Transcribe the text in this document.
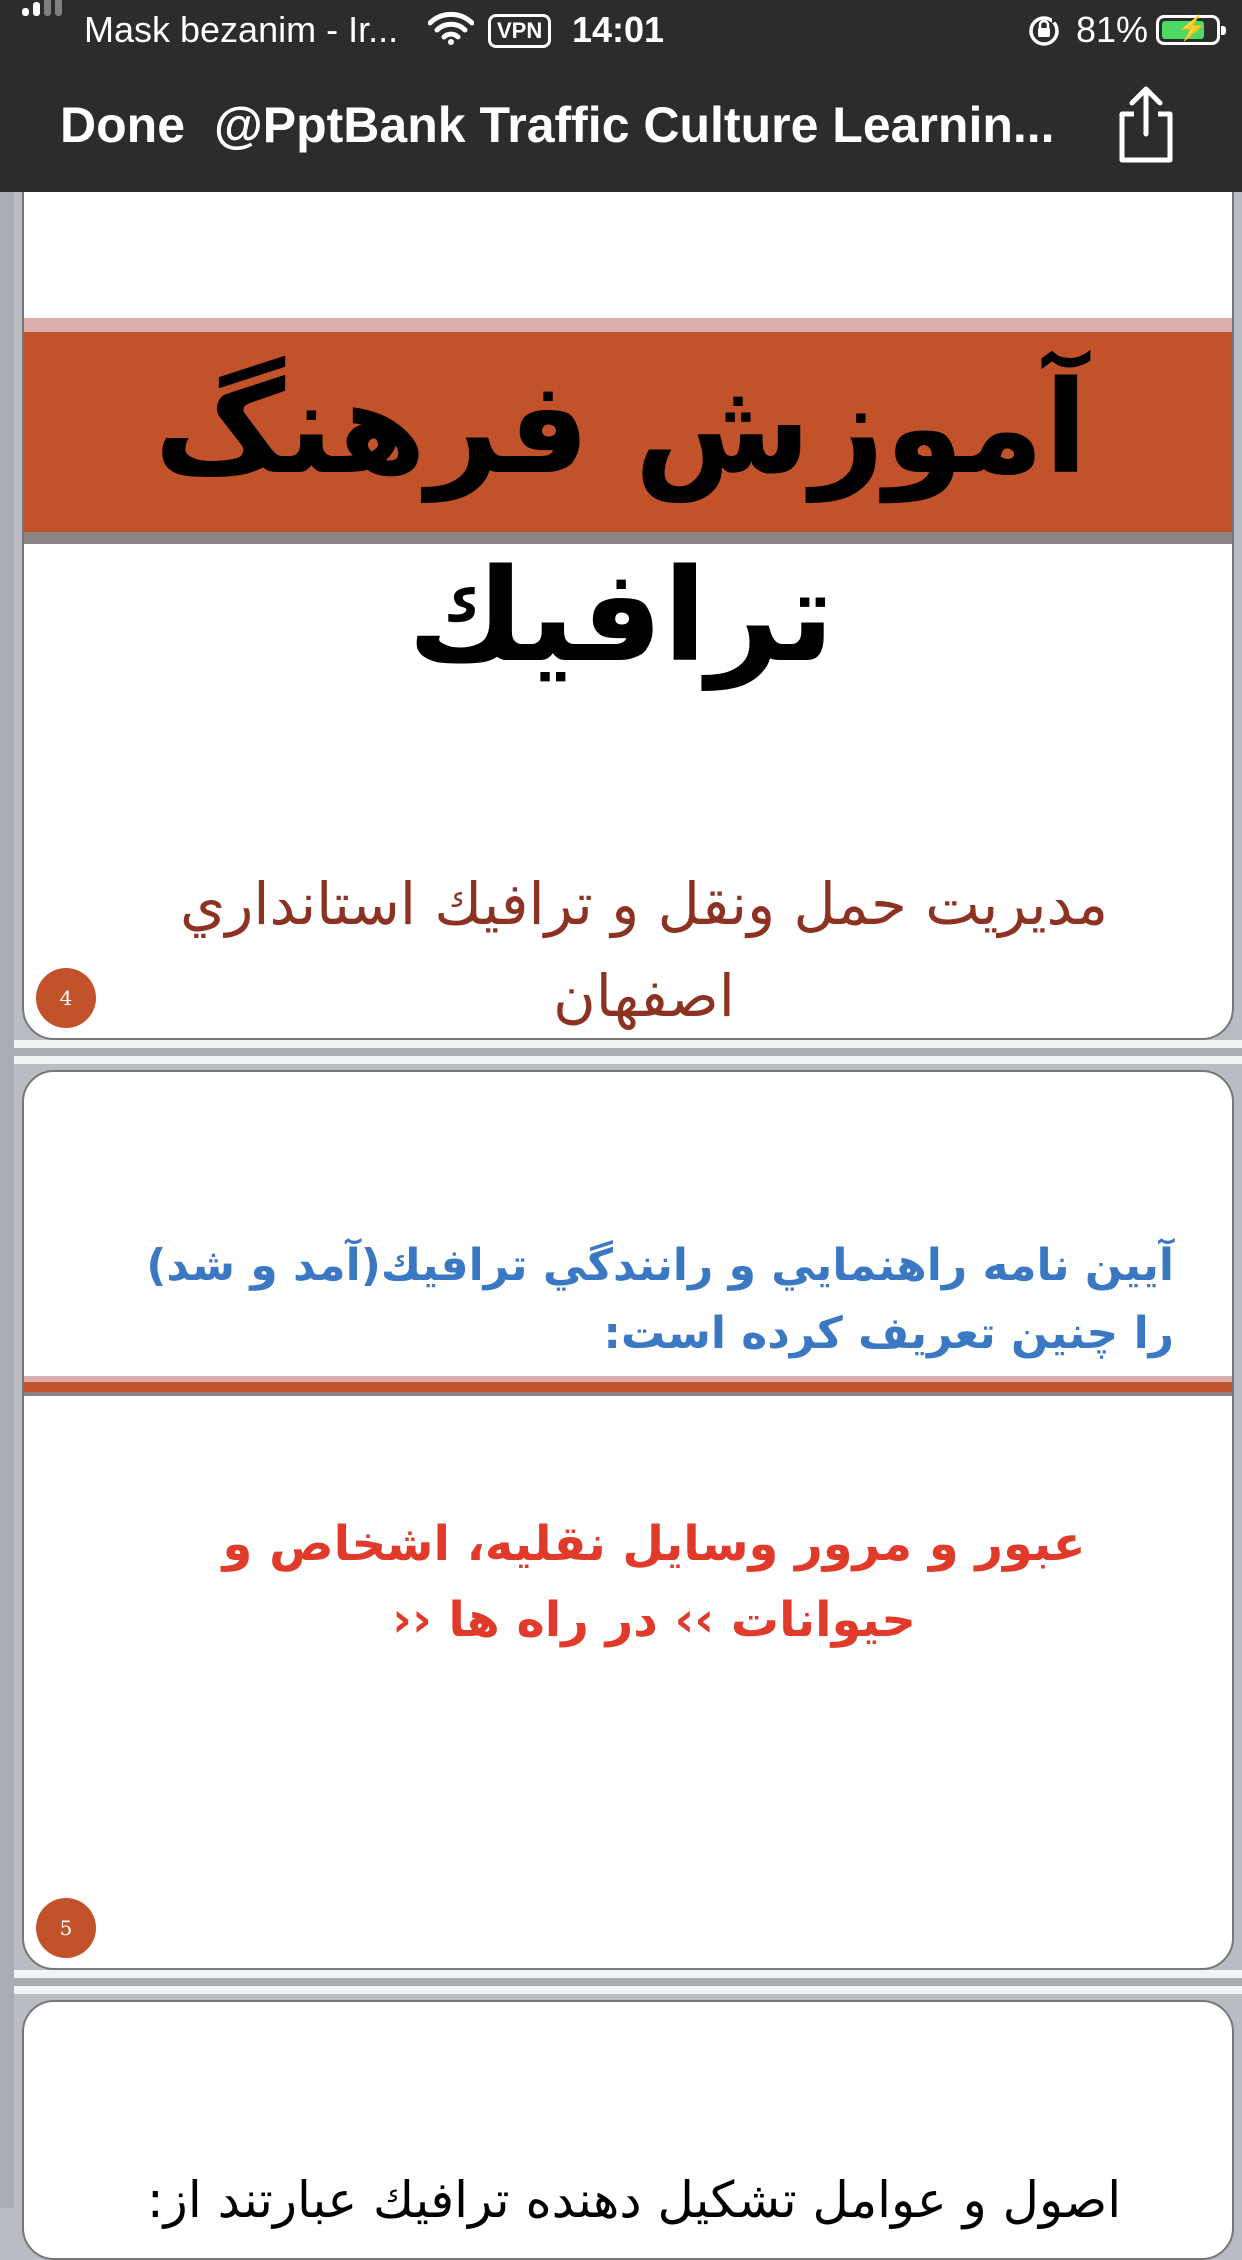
آموزش فرهنگ
ترافيك
مديريت حمل ونقل و ترافيك استانداري اصفهان
4
آيين نامه راهنمايي و رانندگي ترافيك(آمد و شد) را چنين تعريف كرده است:
عبور و مرور وسايل نقليه، اشخاص و حيوانات ›› در راه ها ‹‹
5
اصول و عوامل تشكيل دهنده ترافيك عبارتند از:
Mask bezanim - Ir...	VPN 14:01	81% ⚡
Done @PptBank Traffic Culture Learnin...
